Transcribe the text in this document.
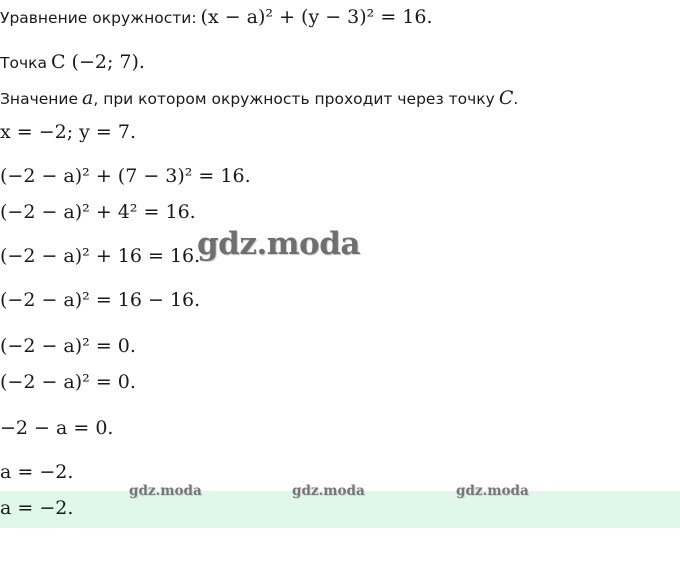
Уравнение окружности: (x − a)² + (y − 3)² = 16.
Точка C (−2; 7).
Значение a, при котором окружность проходит через точку C.
x = −2; y = 7.
(−2 − a)² + (7 − 3)² = 16.
(−2 − a)² + 4² = 16.
(−2 − a)² + 16 = 16.
(−2 − a)² = 16 − 16.
(−2 − a)² = 0.
(−2 − a)² = 0.
−2 − a = 0.
a = −2.
a = −2.
gdz.moda
gdz.moda	gdz.moda	gdz.moda
